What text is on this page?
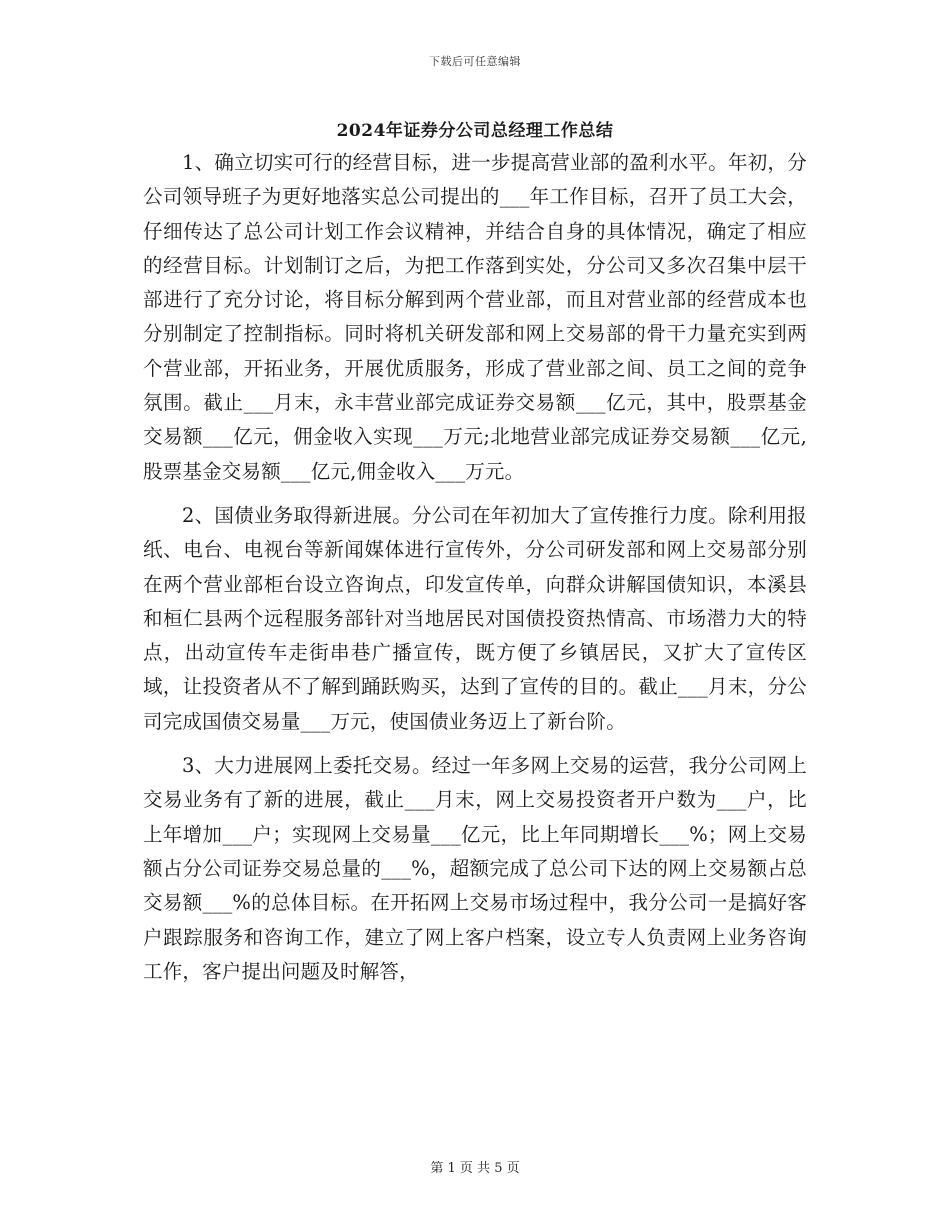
下载后可任意编辑
2024年证券分公司总经理工作总结

1、确立切实可行的经营目标，进一步提高营业部的盈利水平。年初，分公司领导班子为更好地落实总公司提出的___年工作目标，召开了员工大会，仔细传达了总公司计划工作会议精神，并结合自身的具体情况，确定了相应的经营目标。计划制订之后，为把工作落到实处，分公司又多次召集中层干部进行了充分讨论，将目标分解到两个营业部，而且对营业部的经营成本也分别制定了控制指标。同时将机关研发部和网上交易部的骨干力量充实到两个营业部，开拓业务，开展优质服务，形成了营业部之间、员工之间的竞争氛围。截止___月末，永丰营业部完成证券交易额___亿元，其中，股票基金交易额___亿元，佣金收入实现___万元;北地营业部完成证券交易额___亿元,股票基金交易额___亿元,佣金收入___万元。

2、国债业务取得新进展。分公司在年初加大了宣传推行力度。除利用报纸、电台、电视台等新闻媒体进行宣传外，分公司研发部和网上交易部分别在两个营业部柜台设立咨询点，印发宣传单，向群众讲解国债知识，本溪县和桓仁县两个远程服务部针对当地居民对国债投资热情高、市场潜力大的特点，出动宣传车走街串巷广播宣传，既方便了乡镇居民，又扩大了宣传区域，让投资者从不了解到踊跃购买，达到了宣传的目的。截止___月末，分公司完成国债交易量___万元，使国债业务迈上了新台阶。

3、大力进展网上委托交易。经过一年多网上交易的运营，我分公司网上交易业务有了新的进展，截止___月末，网上交易投资者开户数为___户，比上年增加___户；实现网上交易量___亿元，比上年同期增长___%；网上交易额占分公司证券交易总量的___%，超额完成了总公司下达的网上交易额占总交易额___%的总体目标。在开拓网上交易市场过程中，我分公司一是搞好客户跟踪服务和咨询工作，建立了网上客户档案，设立专人负责网上业务咨询工作，客户提出问题及时解答，

第 1 页 共 5 页
